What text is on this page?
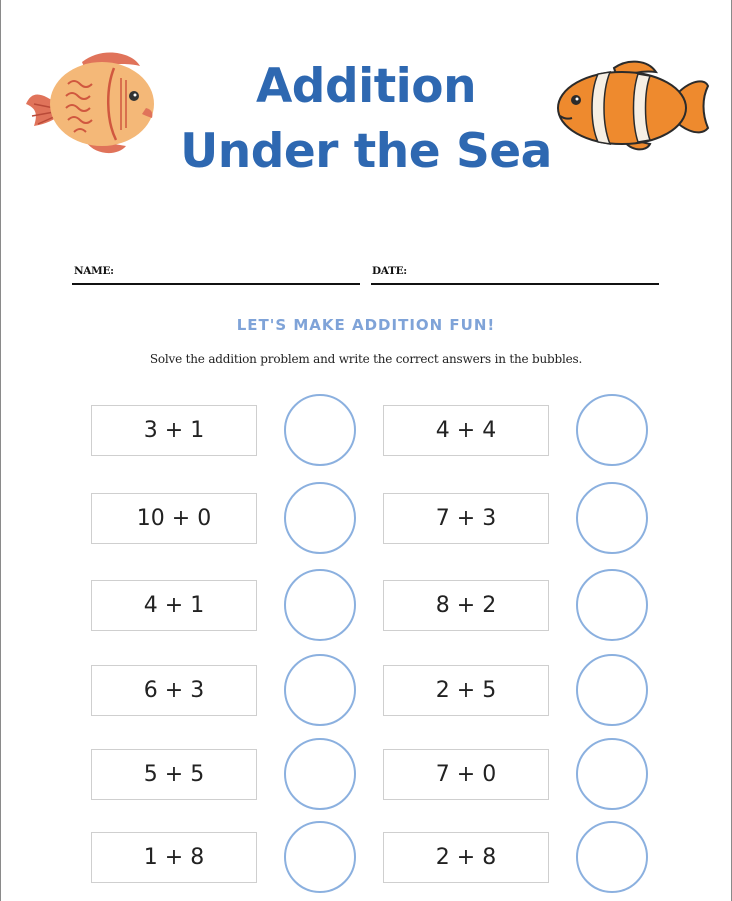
Addition
Under the Sea
NAME:	DATE:
LET'S MAKE ADDITION FUN!
Solve the addition problem and write the correct answers in the bubbles.
3 + 1
10 + 0
4 + 1
6 + 3
5 + 5
1 + 8
4 + 4
7 + 3
8 + 2
2 + 5
7 + 0
2 + 8
